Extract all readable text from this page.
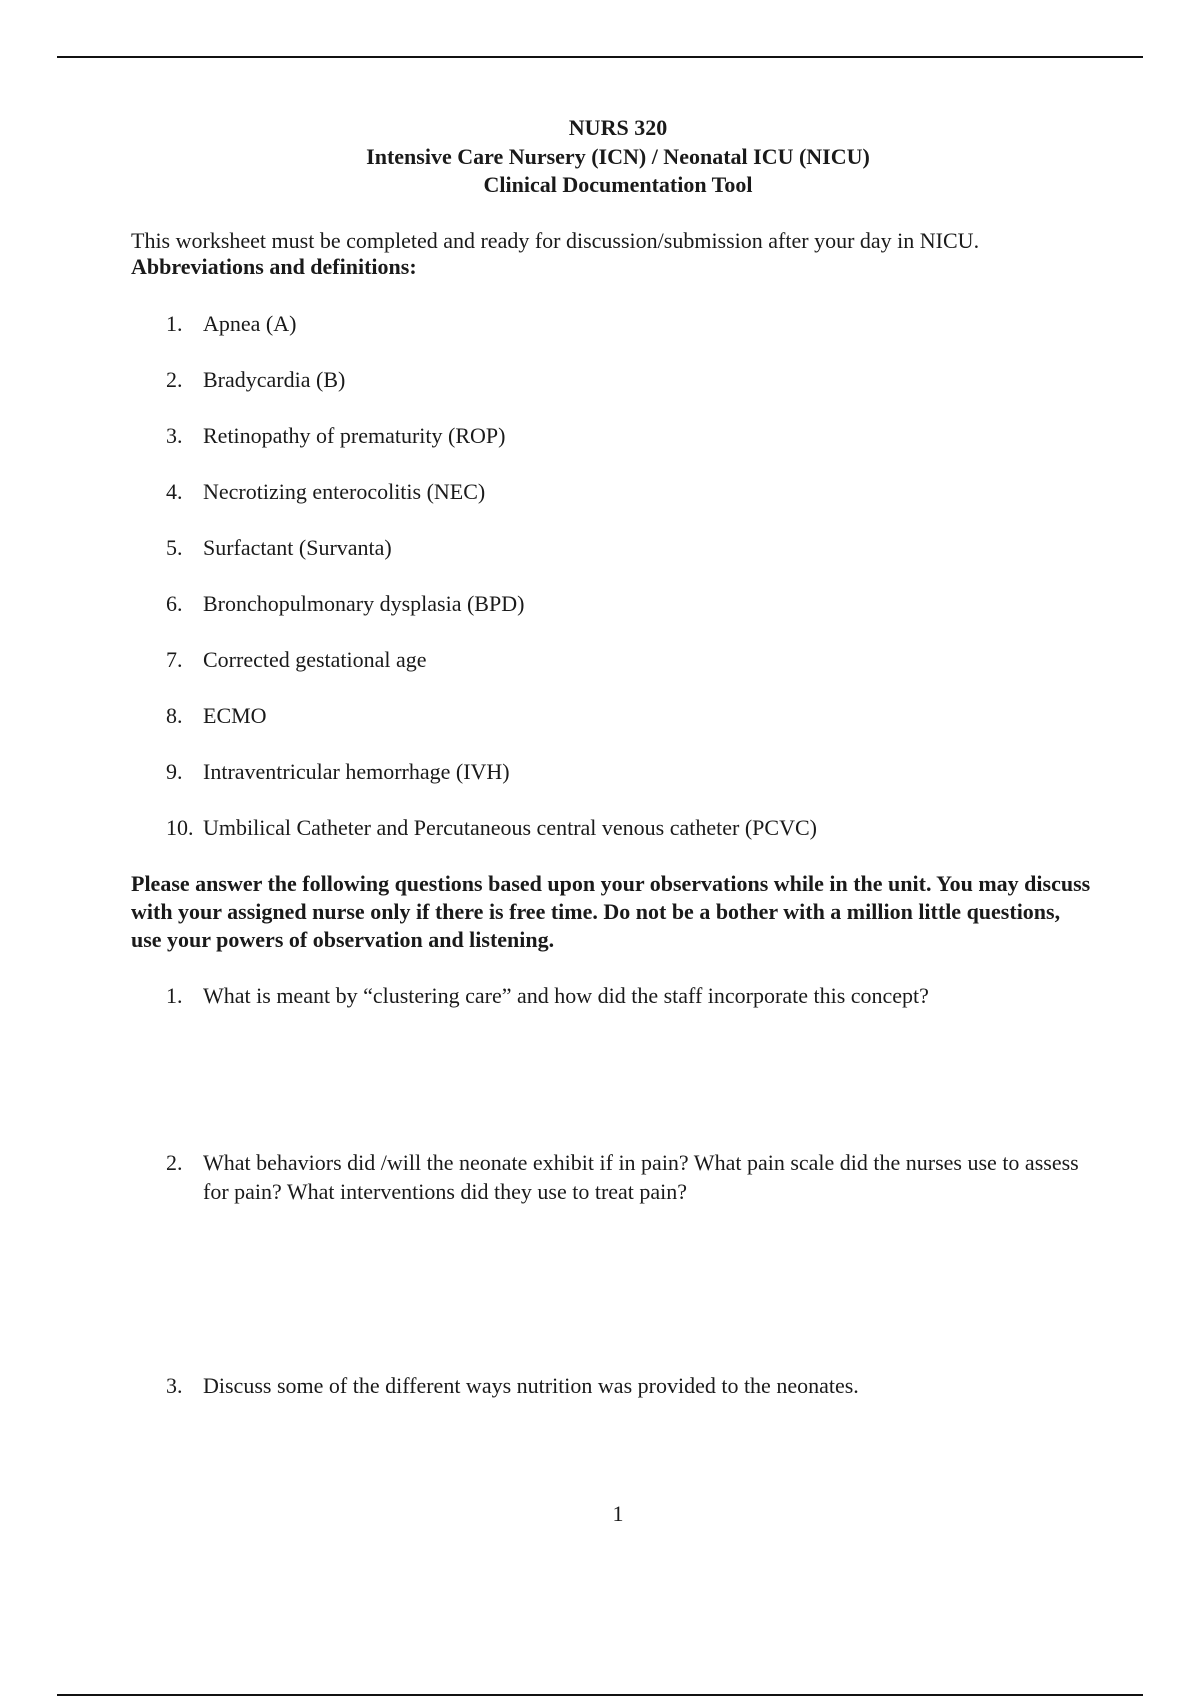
NURS 320
Intensive Care Nursery (ICN) / Neonatal ICU (NICU)
Clinical Documentation Tool
This worksheet must be completed and ready for discussion/submission after your day in NICU.
Abbreviations and definitions:
1. Apnea (A)
2. Bradycardia (B)
3. Retinopathy of prematurity (ROP)
4. Necrotizing enterocolitis (NEC)
5. Surfactant (Survanta)
6. Bronchopulmonary dysplasia (BPD)
7. Corrected gestational age
8. ECMO
9. Intraventricular hemorrhage (IVH)
10. Umbilical Catheter and Percutaneous central venous catheter (PCVC)
Please answer the following questions based upon your observations while in the unit. You may discuss with your assigned nurse only if there is free time. Do not be a bother with a million little questions, use your powers of observation and listening.
1. What is meant by “clustering care” and how did the staff incorporate this concept?
2. What behaviors did /will the neonate exhibit if in pain? What pain scale did the nurses use to assess for pain? What interventions did they use to treat pain?
3. Discuss some of the different ways nutrition was provided to the neonates.
1
